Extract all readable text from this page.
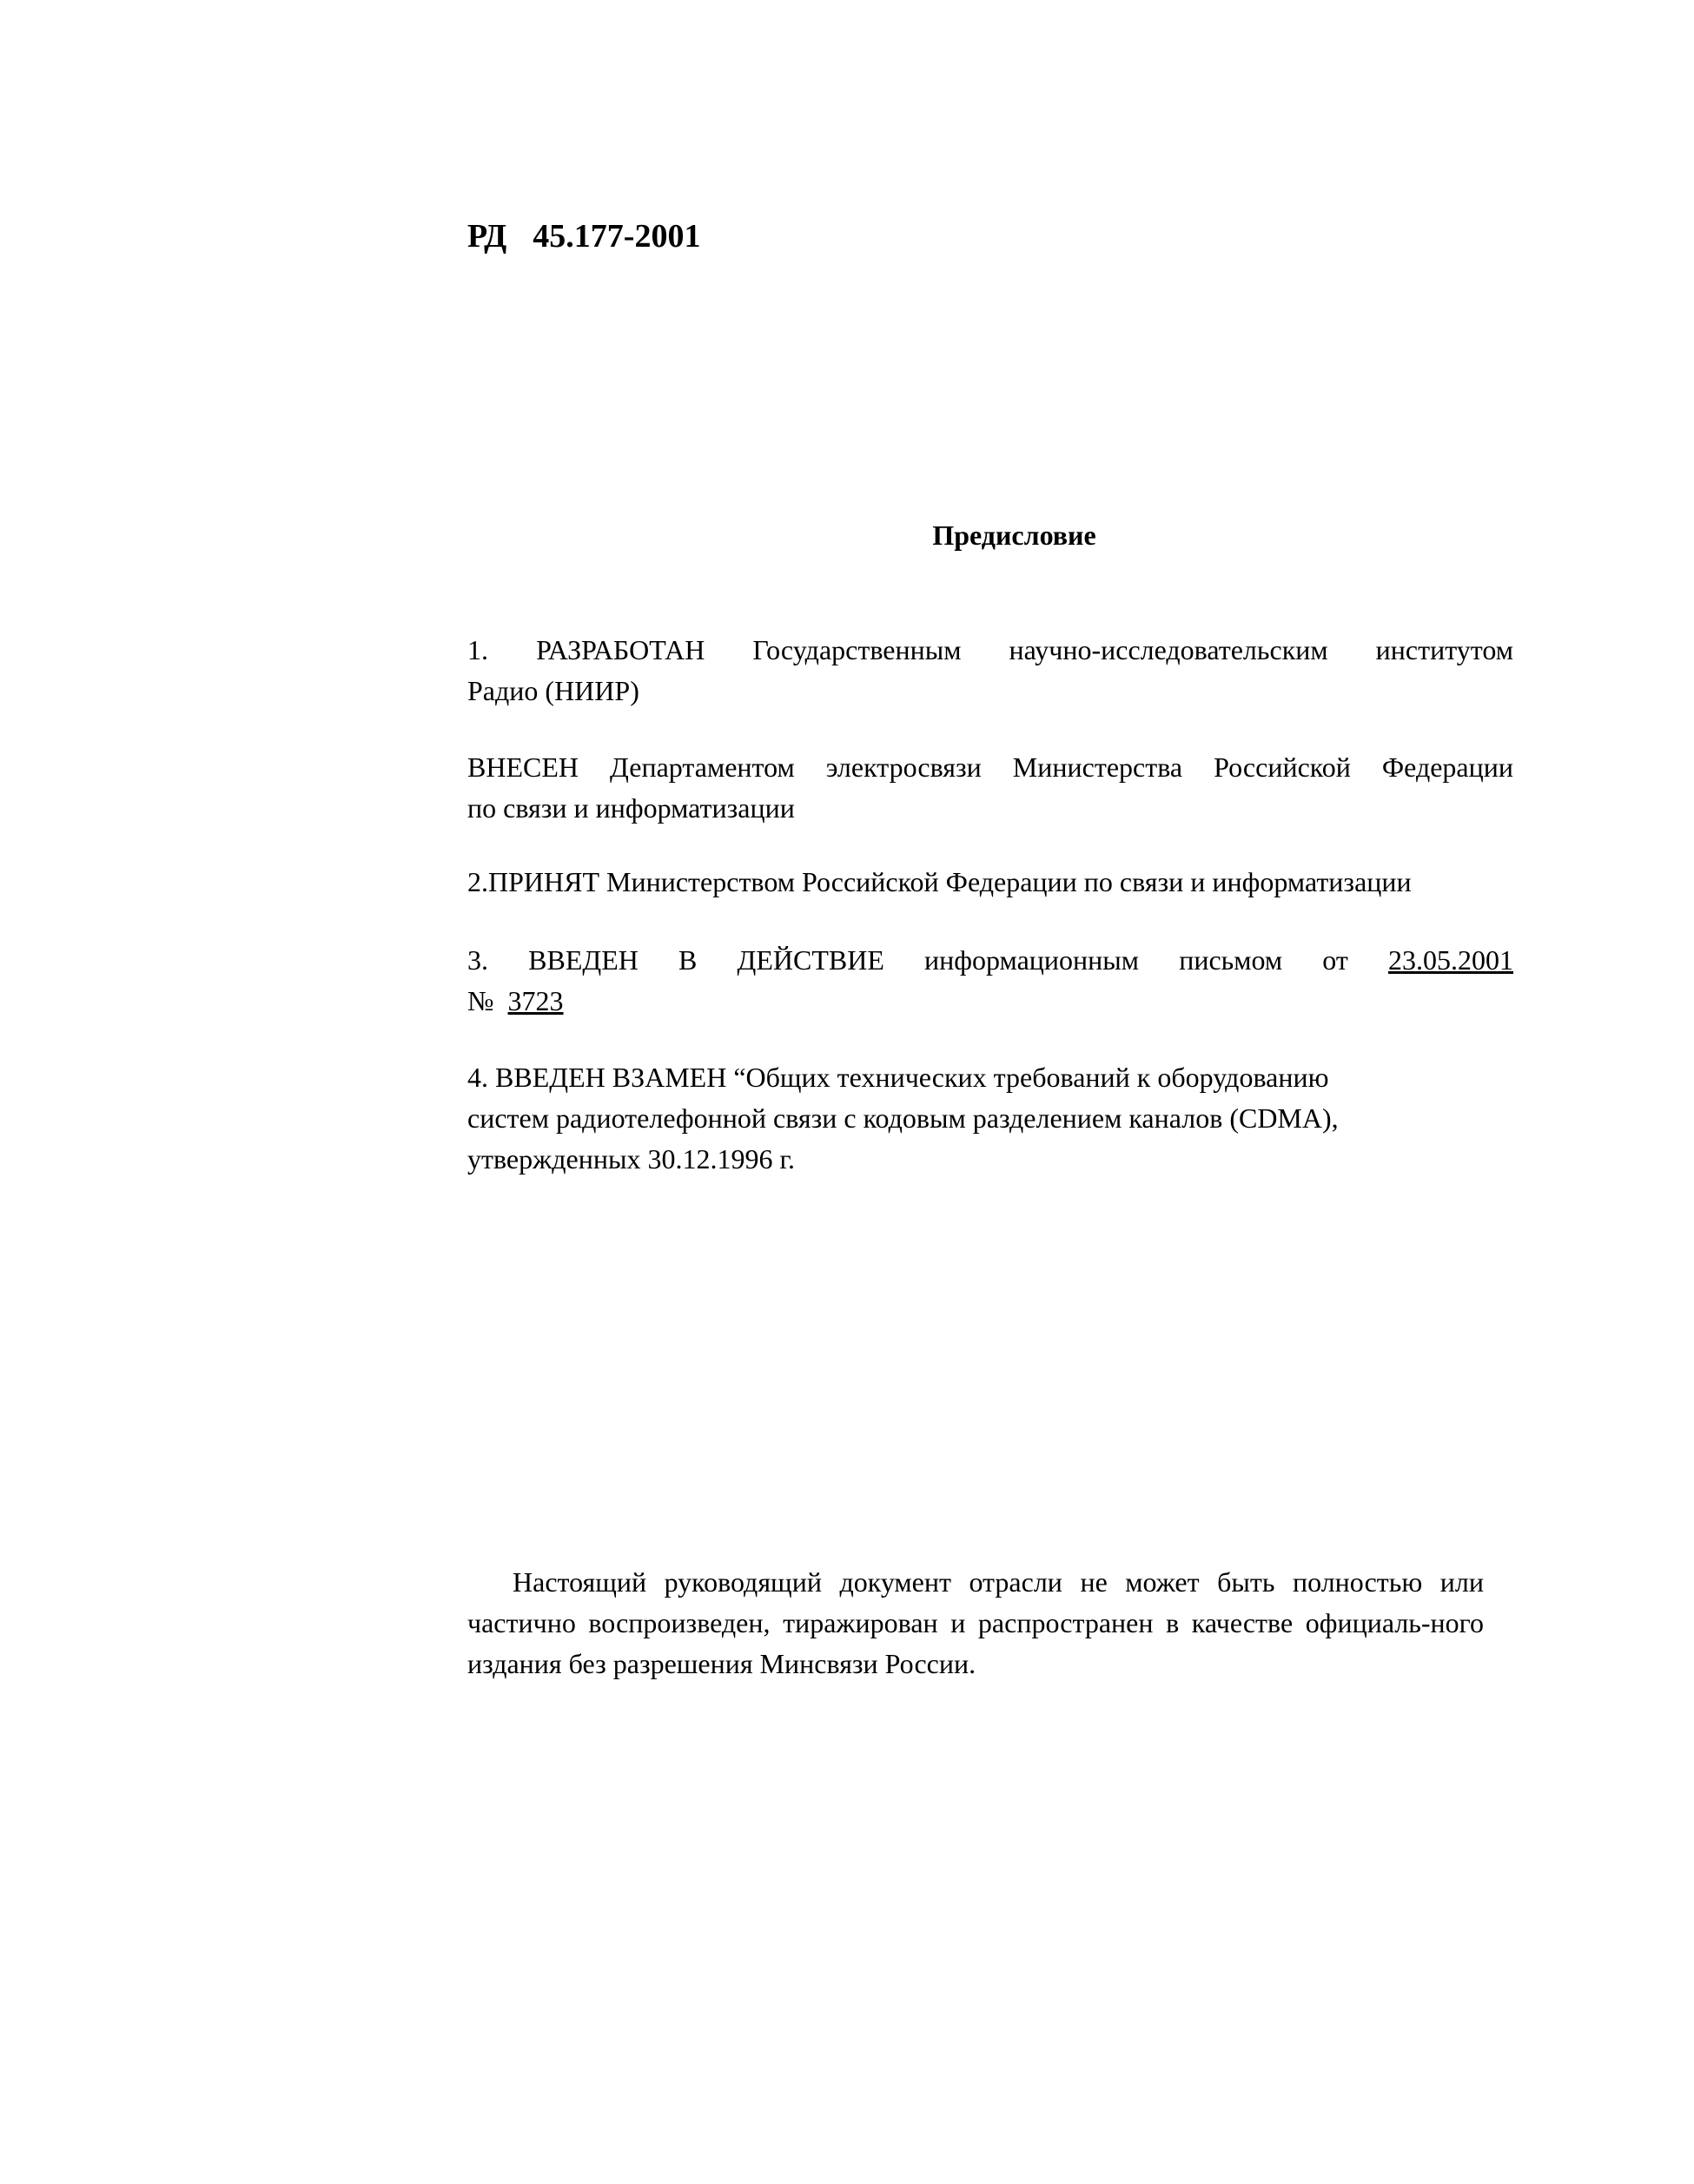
РД 45.177-2001
Предисловие
1. РАЗРАБОТАН Государственным научно-исследовательским институтом
Радио (НИИР)
ВНЕСЕН Департаментом электросвязи Министерства Российской Федерации
по связи и информатизации
2.ПРИНЯТ Министерством Российской Федерации по связи и информатизации
3. ВВЕДЕН В ДЕЙСТВИЕ информационным письмом от 23.05.2001
№ 3723
4. ВВЕДЕН ВЗАМЕН “Общих технических требований к оборудованию
систем радиотелефонной связи с кодовым разделением каналов (CDMA),
утвержденных 30.12.1996 г.
Настоящий руководящий документ отрасли не может быть полностью или частично воспроизведен, тиражирован и распространен в качестве официаль-ного издания без разрешения Минсвязи России.
